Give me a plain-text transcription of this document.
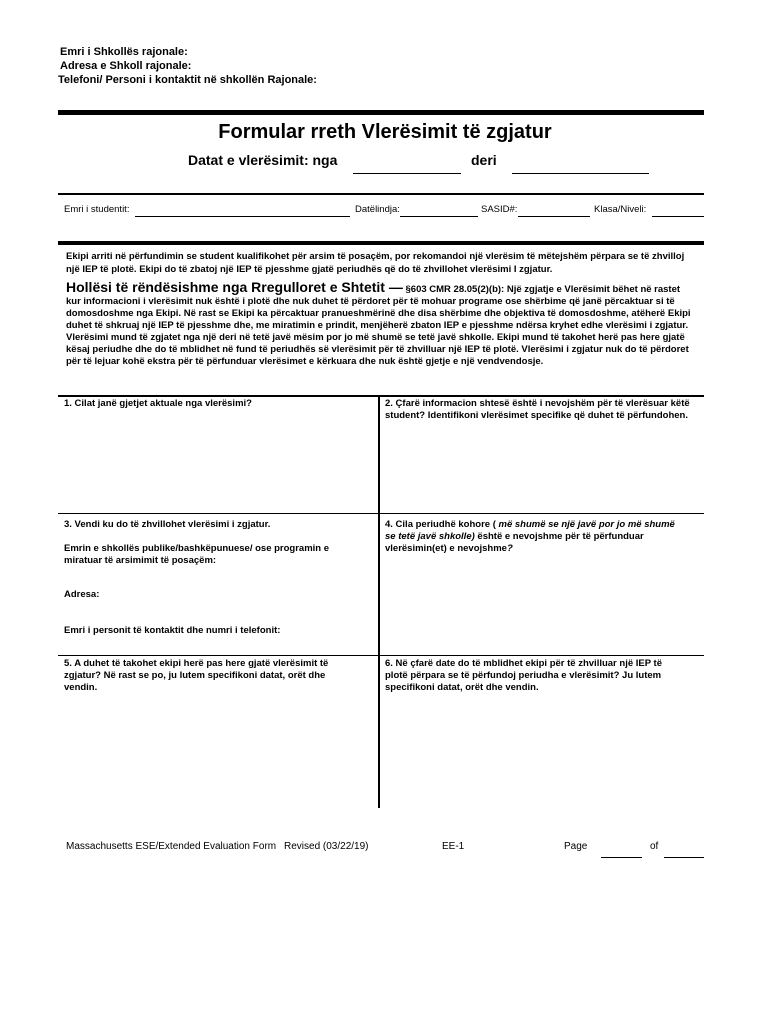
Emri i Shkollës rajonale:
Adresa e Shkoll rajonale:
Telefoni/ Personi i kontaktit në shkollën Rajonale:
Formular rreth Vlerësimit të zgjatur
Datat e vlerësimit: nga	deri
Emri i studentit:	Datëlindja:	SASID#:	Klasa/Niveli:
Ekipi arriti në përfundimin se student kualifikohet për arsim të posaçëm, por rekomandoi një vlerësim të mëtejshëm përpara se të zhvilloj një IEP të plotë. Ekipi do të zbatoj një IEP të pjesshme gjatë periudhës që do të zhvillohet vlerësimi I zgjatur.
Hollësi të rëndësishme nga Rregulloret e Shtetit — §603 CMR 28.05(2)(b): Një zgjatje e Vlerësimit bëhet në rastet kur informacioni i vlerësimit nuk është i plotë dhe nuk duhet të përdoret për të mohuar programe ose shërbime që janë përcaktuar si të domosdoshme nga Ekipi. Në rast se Ekipi ka përcaktuar pranueshmërinë dhe disa shërbime dhe objektiva të domosdoshme, atëherë Ekipi duhet të shkruaj një IEP të pjesshme dhe, me miratimin e prindit, menjëherë zbaton IEP e pjesshme ndërsa kryhet edhe vlerësimi i zgjatur. Vlerësimi mund të zgjatet nga një deri në tetë javë mësim por jo më shumë se tetë javë shkolle. Ekipi mund të takohet herë pas here gjatë kësaj periudhe dhe do të mblidhet në fund të periudhës së vlerësimit për të zhvilluar një IEP të plotë. Vlerësimi i zgjatur nuk do të përdoret për të lejuar kohë ekstra për të përfunduar vlerësimet e kërkuara dhe nuk është gjetje e një vendvendosje.
1. Cilat janë gjetjet aktuale nga vlerësimi?	2. Çfarë informacion shtesë është i nevojshëm për të vlerësuar këtë student? Identifikoni vlerësimet specifike që duhet të përfundohen.
3. Vendi ku do të zhvillohet vlerësimi i zgjatur.
Emrin e shkollës publike/bashkëpunuese/ ose programin e miratuar të arsimimit të posaçëm:
Adresa:
Emri i personit të kontaktit dhe numri i telefonit:
4. Cila periudhë kohore ( më shumë se një javë por jo më shumë se tetë javë shkolle) është e nevojshme për të përfunduar vlerësimin(et) e nevojshme?
5. A duhet të takohet ekipi herë pas here gjatë vlerësimit të zgjatur? Në rast se po, ju lutem specifikoni datat, orët dhe vendin.
6. Në çfarë date do të mblidhet ekipi për të zhvilluar një IEP të plotë përpara se të përfundoj periudha e vlerësimit? Ju lutem specifikoni datat, orët dhe vendin.
Massachusetts ESE/Extended Evaluation Form Revised (03/22/19)	EE-1	Page	of
